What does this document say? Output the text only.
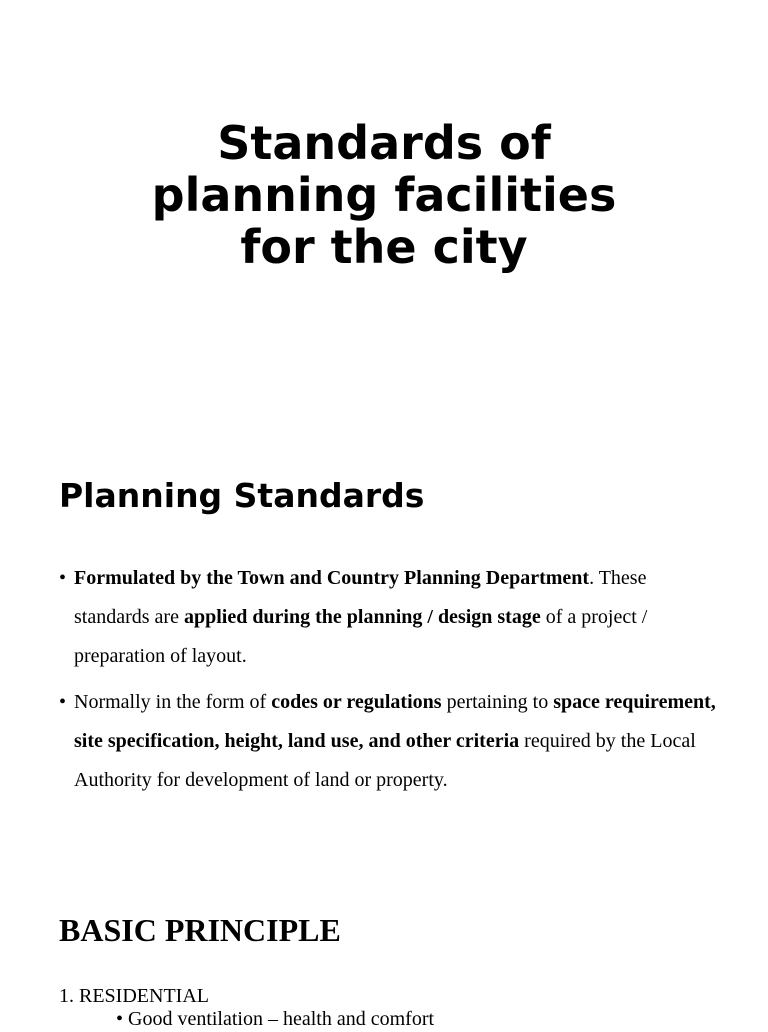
Standards of
planning facilities
for the city
Planning Standards
• Formulated by the Town and Country Planning Department. These standards are applied during the planning / design stage of a project / preparation of layout.
• Normally in the form of codes or regulations pertaining to space requirement, site specification, height, land use, and other criteria required by the Local Authority for development of land or property.
BASIC PRINCIPLE
1. RESIDENTIAL
• Good ventilation – health and comfort
